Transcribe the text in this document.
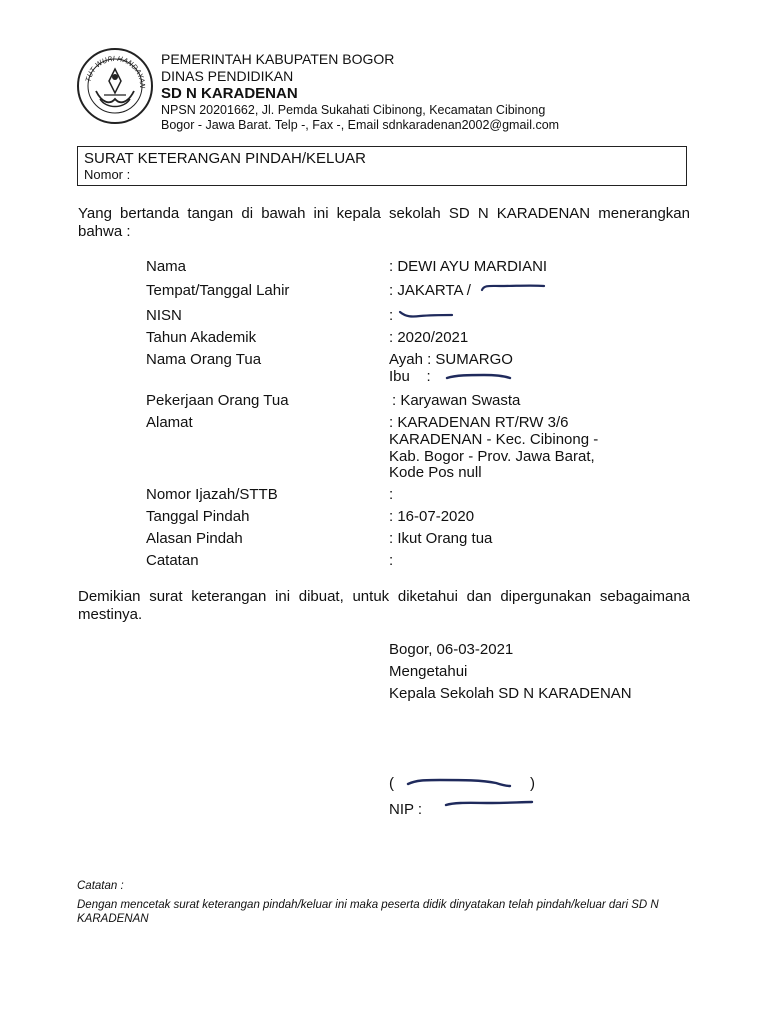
TUT WURI HANDAYAN
PEMERINTAH KABUPATEN BOGOR
DINAS PENDIDIKAN
SD N KARADENAN
NPSN 20201662, Jl. Pemda Sukahati Cibinong, Kecamatan Cibinong
Bogor - Jawa Barat. Telp -, Fax -, Email sdnkaradenan2002@gmail.com
SURAT KETERANGAN PINDAH/KELUAR
Nomor :
Yang bertanda tangan di bawah ini kepala sekolah SD N KARADENAN menerangkan bahwa :
Nama	: DEWI AYU MARDIANI
Tempat/Tanggal Lahir	: JAKARTA /
NISN	:
Tahun Akademik	: 2020/2021
Nama Orang Tua	Ayah : SUMARGO
Ibu    :
Pekerjaan Orang Tua	: Karyawan Swasta
Alamat	: KARADENAN RT/RW 3/6
KARADENAN - Kec. Cibinong -
Kab. Bogor - Prov. Jawa Barat,
Kode Pos null
Nomor Ijazah/STTB	:
Tanggal Pindah	: 16-07-2020
Alasan Pindah	: Ikut Orang tua
Catatan	:
Demikian surat keterangan ini dibuat, untuk diketahui dan dipergunakan sebagaimana mestinya.
Bogor, 06-03-2021
Mengetahui
Kepala Sekolah SD N KARADENAN
(	)
NIP :
Catatan :
Dengan mencetak surat keterangan pindah/keluar ini maka peserta didik dinyatakan telah pindah/keluar dari SD N KARADENAN
